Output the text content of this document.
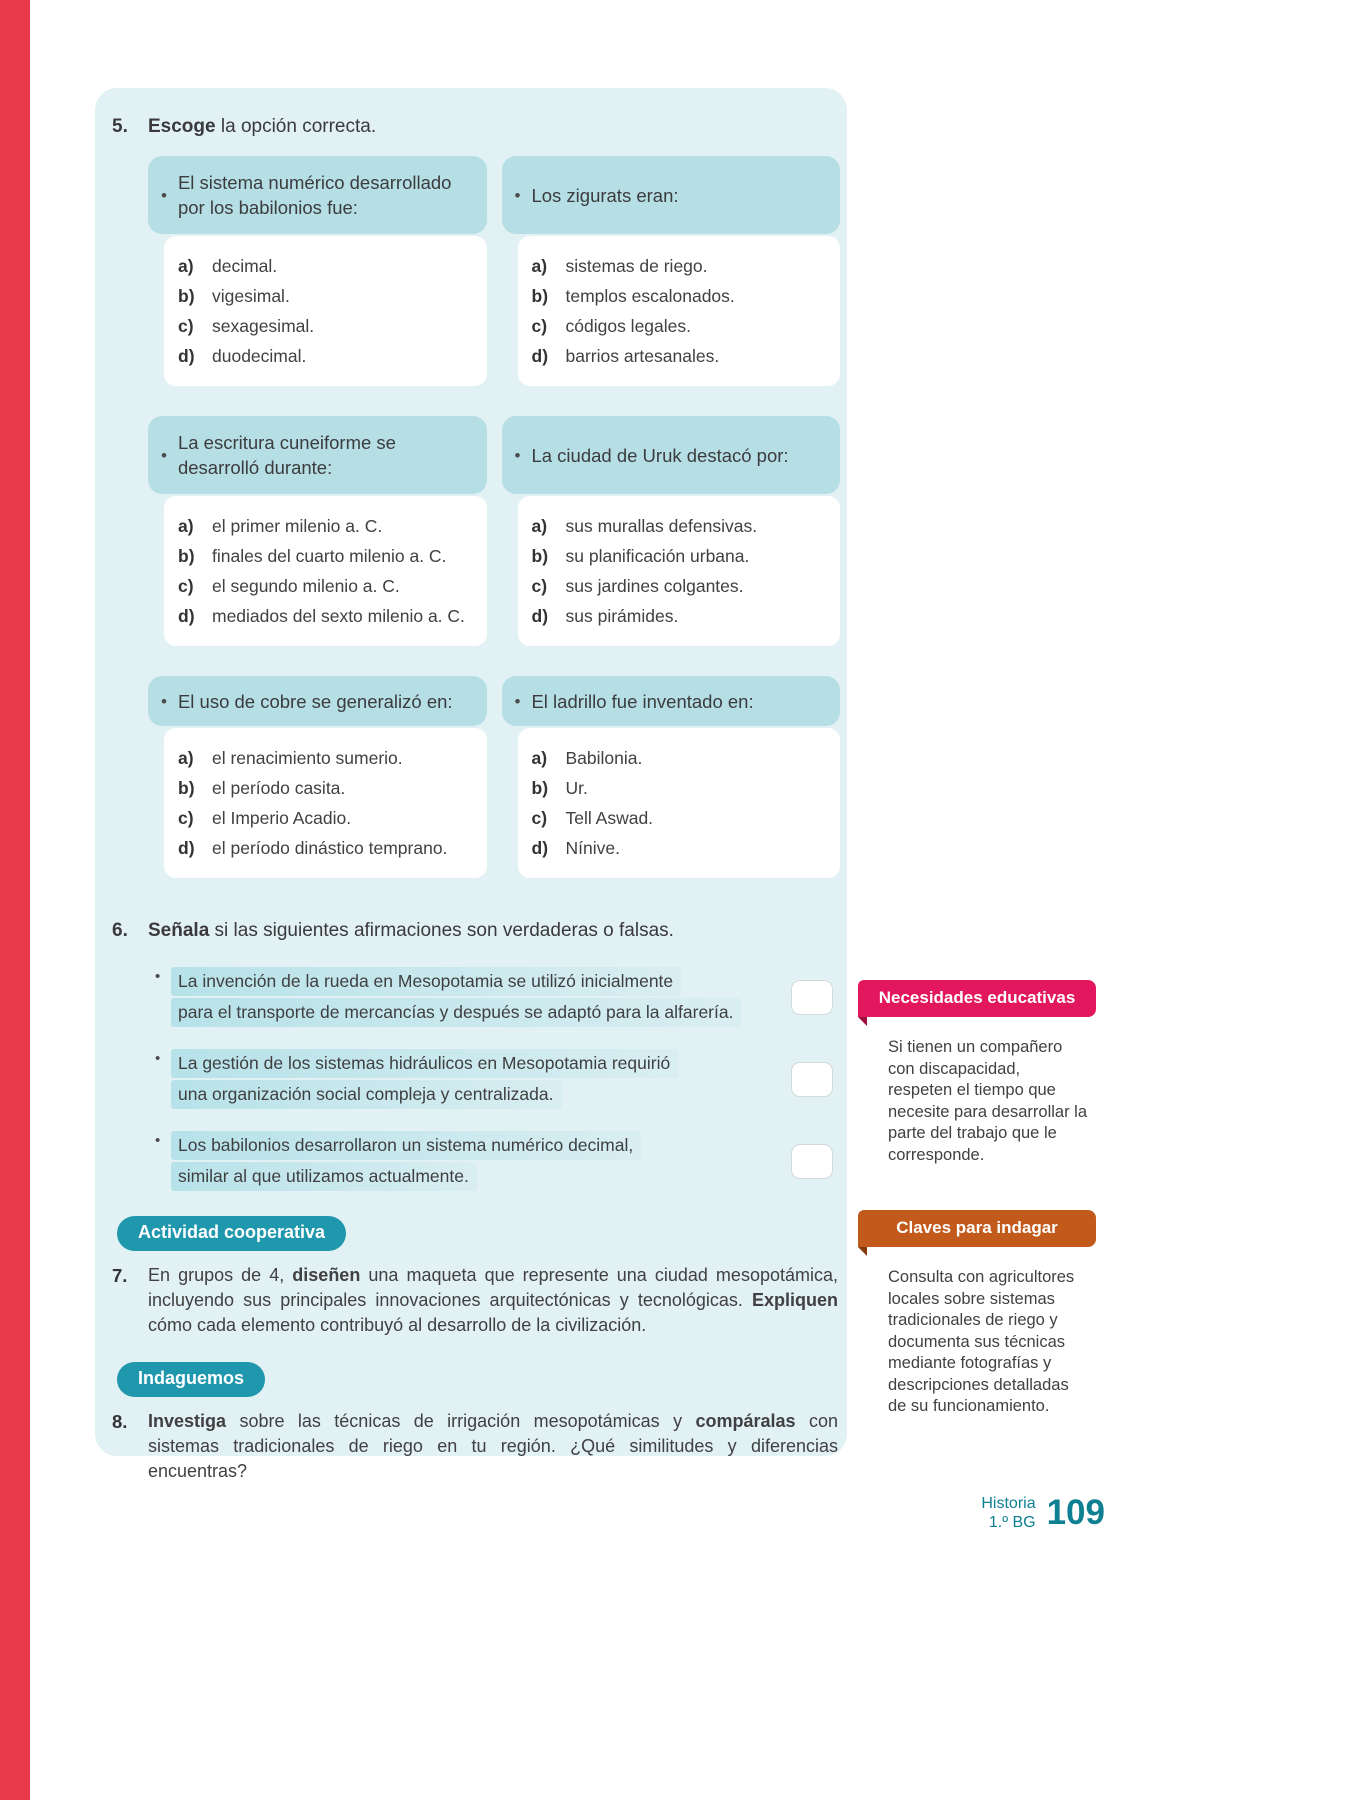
5.	Escoge la opción correcta.
•
El sistema numérico desarrollado por los babilonios fue:
a)	decimal.
b) vigesimal.
c)	sexagesimal.
d) duodecimal.
• Los zigurats eran:
a)	sistemas de riego.
b) templos escalonados.
c)	códigos legales.
d) barrios artesanales.
•
La escritura cuneiforme se desarrolló durante:
a)	el primer milenio a. C.
b) finales del cuarto milenio a. C.
c)	el segundo milenio a. C.
d) mediados del sexto milenio a. C.
• La ciudad de Uruk destacó por:
a)	sus murallas defensivas.
b) su planificación urbana.
c)	sus jardines colgantes.
d) sus pirámides.
• El uso de cobre se generalizó en:
a)	el renacimiento sumerio.
b) el período casita.
c)	el Imperio Acadio.
d) el período dinástico temprano.
• El ladrillo fue inventado en:
a)	Babilonia.
b) Ur.
c)	Tell Aswad.
d) Nínive.
6.	Señala si las siguientes afirmaciones son verdaderas o falsas.
•	La invención de la rueda en Mesopotamia se utilizó inicialmente
para el transporte de mercancías y después se adaptó para la alfarería.
•	La gestión de los sistemas hidráulicos en Mesopotamia requirió
una organización social compleja y centralizada.
•	Los babilonios desarrollaron un sistema numérico decimal,
similar al que utilizamos actualmente.
Actividad cooperativa
7.	En grupos de 4, diseñen una maqueta que represente una ciudad mesopotámica, incluyendo sus principales innovaciones arquitectónicas y tecnológicas. Expliquen cómo cada elemento contribuyó al desarrollo de la civilización.
Indaguemos
8.	Investiga sobre las técnicas de irrigación mesopotámicas y compáralas con sistemas tradicionales de riego en tu región. ¿Qué similitudes y diferencias encuentras?
Necesidades educativas

Si tienen un compañero con discapacidad, respeten el tiempo que necesite para desarrollar la parte del trabajo que le corresponde.

Claves para indagar

Consulta con agricultores locales sobre sistemas tradicionales de riego y documenta sus técnicas mediante fotografías y descripciones detalladas de su funcionamiento.

Historia
1.º BG 109
